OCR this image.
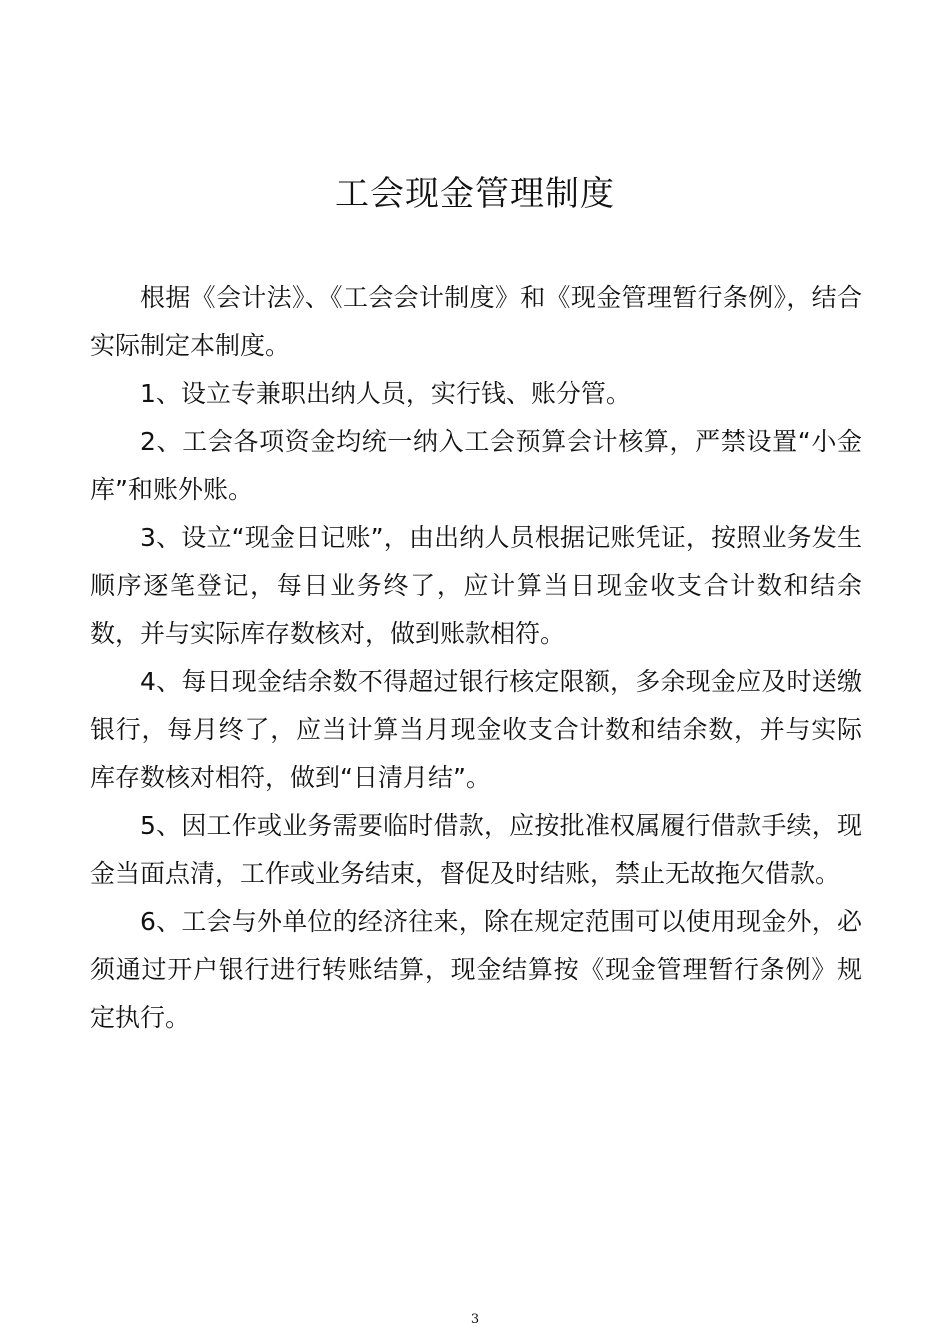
工会现金管理制度

根据《会计法》、《工会会计制度》和《现金管理暂行条例》，结合实际制定本制度。

1、设立专兼职出纳人员，实行钱、账分管。

2、工会各项资金均统一纳入工会预算会计核算，严禁设置“小金库”和账外账。

3、设立“现金日记账”，由出纳人员根据记账凭证，按照业务发生顺序逐笔登记，每日业务终了，应计算当日现金收支合计数和结余数，并与实际库存数核对，做到账款相符。

4、每日现金结余数不得超过银行核定限额，多余现金应及时送缴银行，每月终了，应当计算当月现金收支合计数和结余数，并与实际库存数核对相符，做到“日清月结”。

5、因工作或业务需要临时借款，应按批准权属履行借款手续，现金当面点清，工作或业务结束，督促及时结账，禁止无故拖欠借款。

6、工会与外单位的经济往来，除在规定范围可以使用现金外，必须通过开户银行进行转账结算，现金结算按《现金管理暂行条例》规定执行。

3
